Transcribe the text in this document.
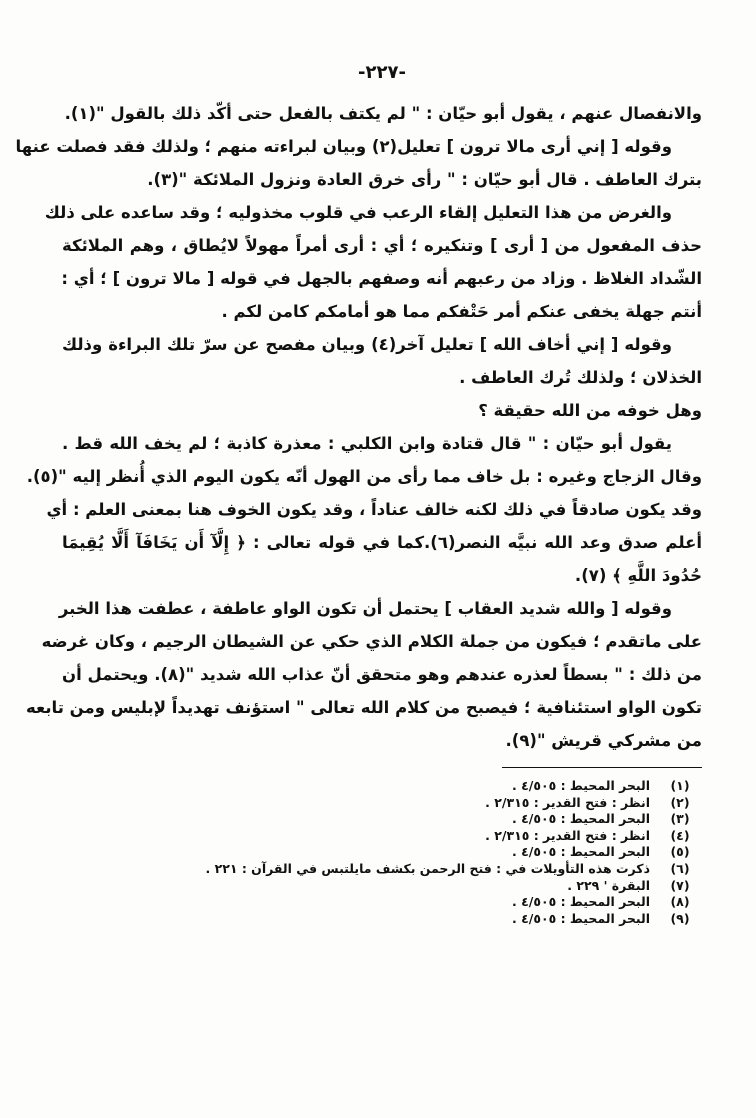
-٢٢٧-
والانفصال عنهم ، يقول أبو حيّان : " لم يكتف بالفعل حتى أكّد ذلك بالقول "(١).
وقوله [ إني أرى مالا ترون ] تعليل(٢) وبيان لبراءته منهم ؛ ولذلك فقد فصلت عنها
بترك العاطف . قال أبو حيّان : " رأى خرق العادة ونزول الملائكة "(٣).
والغرض من هذا التعليل إلقاء الرعب في قلوب مخذوليه ؛ وقد ساعده على ذلك
حذف المفعول من [ أرى ] وتنكيره ؛ أي : أرى أمراً مهولاً لايُطاق ، وهم الملائكة
الشّداد الغلاظ . وزاد من رعبهم أنه وصفهم بالجهل في قوله [ مالا ترون ] ؛ أي :
أنتم جهلة يخفى عنكم أمر حَتْفكم مما هو أمامكم كامن لكم .
وقوله [ إني أخاف الله ] تعليل آخر(٤) وبيان مفصح عن سرّ تلك البراءة وذلك
الخذلان ؛ ولذلك تُرك العاطف .
وهل خوفه من الله حقيقة ؟
يقول أبو حيّان : " قال قتادة وابن الكلبي : معذرة كاذبة ؛ لم يخف الله قط .
وقال الزجاج وغيره : بل خاف مما رأى من الهول أنّه يكون اليوم الذي أُنظر إليه "(٥).
وقد يكون صادقاً في ذلك لكنه خالف عناداً ، وقد يكون الخوف هنا بمعنى العلم : أي
أعلم صدق وعد الله نبيَّه النصر(٦).كما في قوله تعالى : ﴿ إِلَّآ أَن يَخَافَآ أَلَّا يُقِيمَا
حُدُودَ اللَّهِ ﴾ (٧).
وقوله [ والله شديد العقاب ] يحتمل أن تكون الواو عاطفة ، عطفت هذا الخبر
على ماتقدم ؛ فيكون من جملة الكلام الذي حكي عن الشيطان الرجيم ، وكان غرضه
من ذلك : " بسطاً لعذره عندهم وهو متحقق أنّ عذاب الله شديد "(٨). ويحتمل أن
تكون الواو استئنافية ؛ فيصبح من كلام الله تعالى " استؤنف تهديداً لإبليس ومن تابعه
من مشركي قريش "(٩).
(١)
البحر المحيط : ٤/٥٠٥ .
(٢)
انظر : فتح القدير : ٢/٣١٥ .
(٣)
البحر المحيط : ٤/٥٠٥ .
(٤)
انظر : فتح القدير : ٢/٣١٥ .
(٥)
البحر المحيط : ٤/٥٠٥ .
(٦)
ذكرت هذه التأويلات في : فتح الرحمن بكشف مايلتبس في القرآن : ٢٢١ .
(٧)
البقرة ' ٢٢٩ .
(٨)
البحر المحيط : ٤/٥٠٥ .
(٩)
البحر المحيط : ٤/٥٠٥ .
